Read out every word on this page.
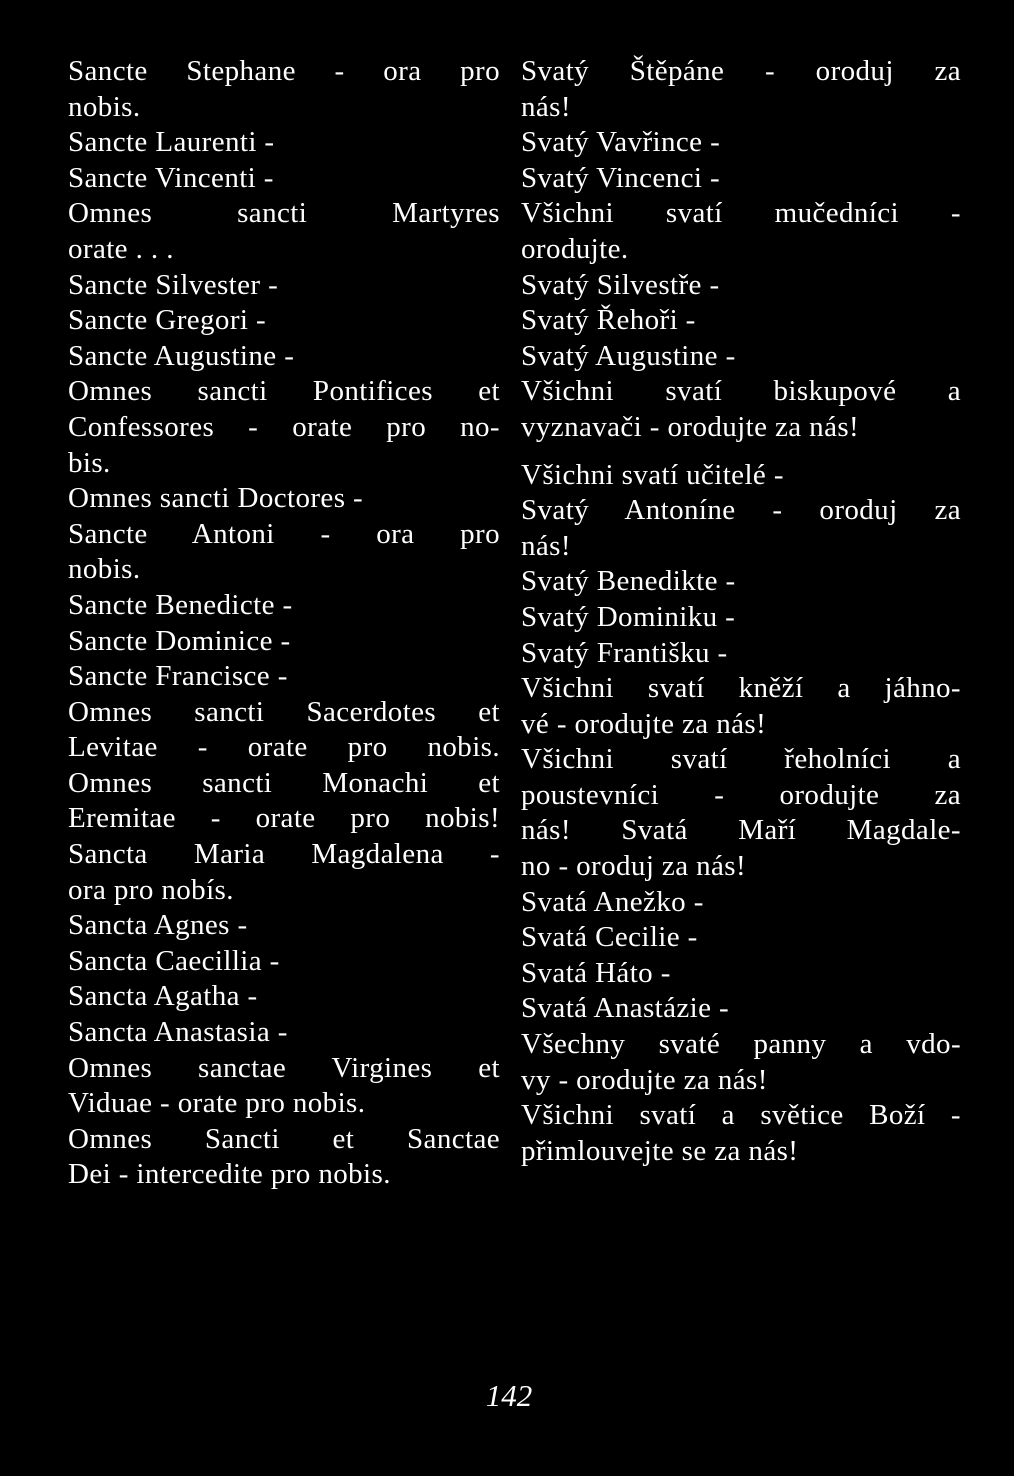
Sancte Stephane - ora pro
nobis.
Sancte Laurenti -
Sancte Vincenti -
Omnes sancti Martyres
orate . . .
Sancte Silvester -
Sancte Gregori -
Sancte Augustine -
Omnes sancti Pontifices et
Confessores - orate pro no-
bis.
Omnes sancti Doctores -
Sancte Antoni - ora pro
nobis.
Sancte Benedicte -
Sancte Dominice -
Sancte Francisce -
Omnes sancti Sacerdotes et
Levitae - orate pro nobis.
Omnes sancti Monachi et
Eremitae - orate pro nobis!
Sancta Maria Magdalena -
ora pro nobís.
Sancta Agnes -
Sancta Caecillia -
Sancta Agatha -
Sancta Anastasia -
Omnes sanctae Virgines et
Viduae - orate pro nobis.
Omnes Sancti et Sanctae
Dei - intercedite pro nobis.
Svatý Štěpáne - oroduj za
nás!
Svatý Vavřince -
Svatý Vincenci -
Všichni svatí mučedníci -
orodujte.
Svatý Silvestře -
Svatý Řehoři -
Svatý Augustine -
Všichni svatí biskupové a
vyznavači - orodujte za nás!
Všichni svatí učitelé -
Svatý Antoníne - oroduj za
nás!
Svatý Benedikte -
Svatý Dominiku -
Svatý Františku -
Všichni svatí kněží a jáhno-
vé - orodujte za nás!
Všichni svatí řeholníci a
poustevníci - orodujte za
nás! Svatá Maří Magdale-
no - oroduj za nás!
Svatá Anežko -
Svatá Cecilie -
Svatá Háto -
Svatá Anastázie -
Všechny svaté panny a vdo-
vy - orodujte za nás!
Všichni svatí a světice Boží -
přimlouvejte se za nás!
142
